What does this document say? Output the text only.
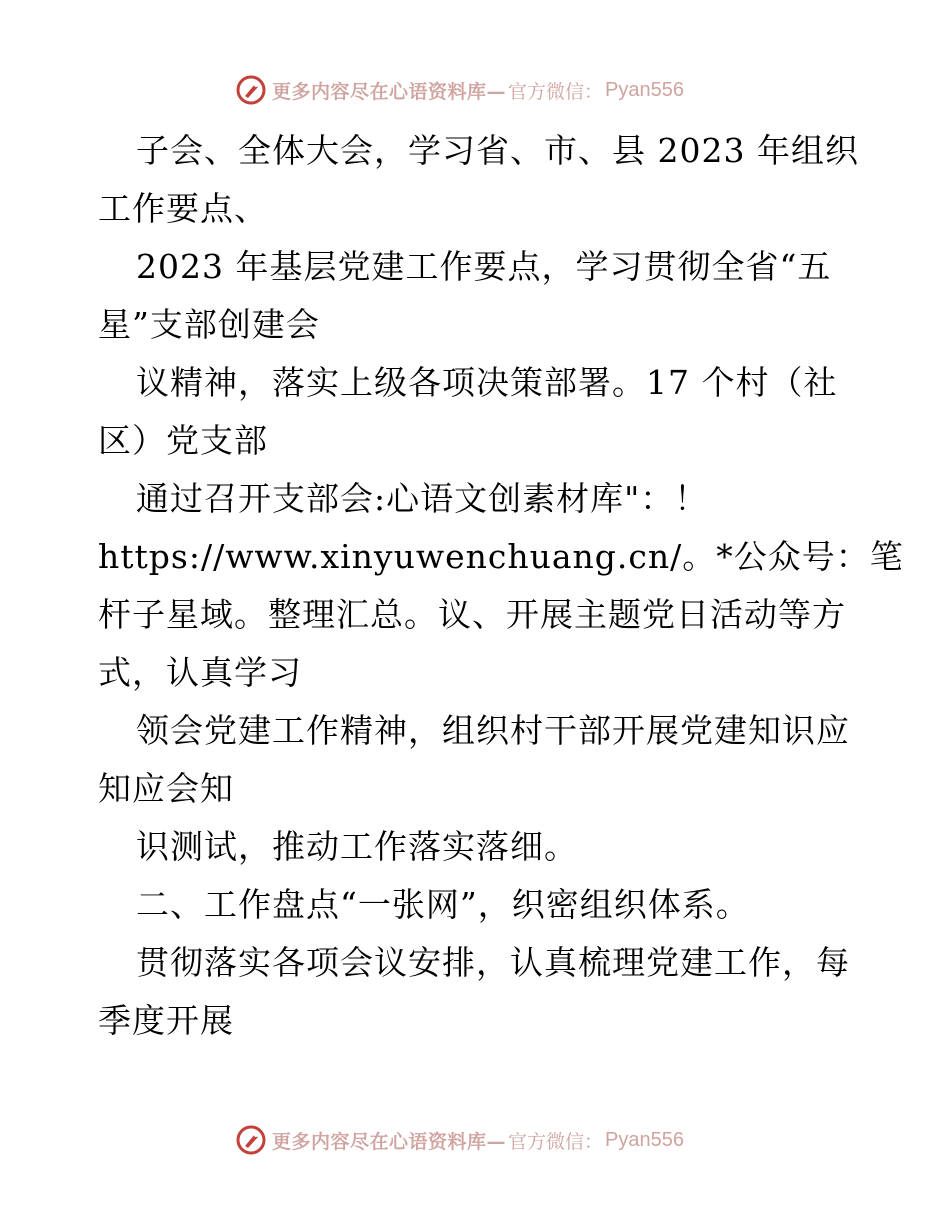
更多内容尽在心语资料库— 官方微信： Pyan556
子会、全体大会，学习省、市、县 2023 年组织
工作要点、
2023 年基层党建工作要点，学习贯彻全省“五
星”支部创建会
议精神，落实上级各项决策部署。17 个村（社
区）党支部
通过召开支部会:心语文创素材库"：！
https://www.xinyuwenchuang.cn/。*公众号：笔
杆子星域。整理汇总。议、开展主题党日活动等方
式，认真学习
领会党建工作精神，组织村干部开展党建知识应
知应会知
识测试，推动工作落实落细。
二、工作盘点“一张网”，织密组织体系。
贯彻落实各项会议安排，认真梳理党建工作，每
季度开展
更多内容尽在心语资料库— 官方微信： Pyan556
